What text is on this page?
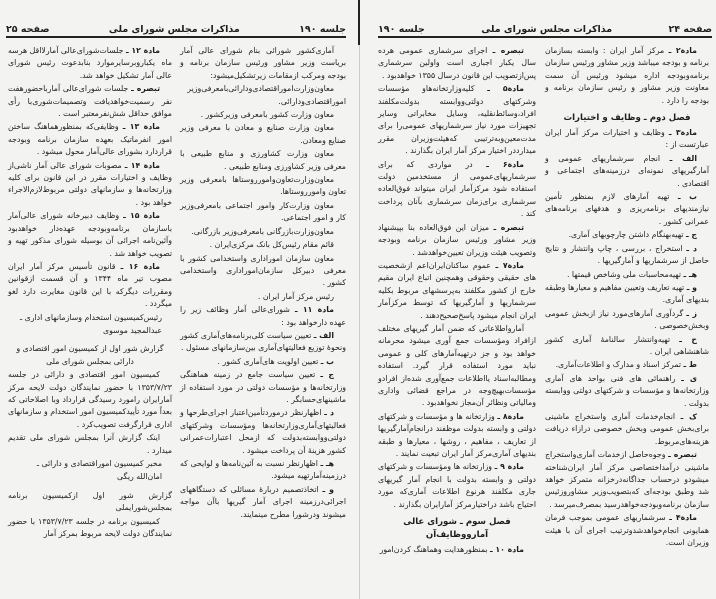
صفحه ۲۴
مذاکرات مجلس شورای ملی
جلسه ۱۹۰
جلسه ۱۹۰
مذاکرات مجلس شورای ملی
صفحه ۲۵

مادة۲ ـ مرکز آمار ایران : وابسته بسازمان برنامه و بودجه میباشد وزیر مشاور ورئیس سازمان برنامه‌وبودجه اداره میشود ورئیس آن سمت معاونت وزیر مشاور و رئیس سازمان برنامه و بودجه را دارد .

فصل دوم ـ وظایف و اختیارات

مادة۳ ـ وظایف و اختیارات مرکز آمار ایران عبارتست از :

الف ـ انجام سرشماریهای عمومی و آمارگیریهای نمونه‌ای درزمینه‌های اجتماعی و اقتصادی .

ب ـ تهیه آمارهای لازم بمنظور تأمین نیازمندیهای برنامه‌ریزی و هدفهای برنامه‌های عمرانی کشور .

ج ـ تهیه‌بهنگام داشتن چارچوبهای آماری.

د ـ استخراج ، بررسی ، چاپ وانتشار و نتایج حاصل از سرشماریها و آمارگیریها .

هـ ـ تهیه‌محاسبات ملی وشاخص قیمتها .

و ـ تهیه تعاریف وتعیین مفاهیم و معیارها وطبقه بندیهای آماری.

ز ـ گردآوری آمارهای‌مورد نیاز ازبخش عمومی وبخش‌خصوصی .

ح ـ تهیه‌وانتشار سالنامهٔ آماری کشور شاهنشاهی ایران .

ط ـ تمرکز اسناد و مدارک و اطلاعات‌آماری.

ی ـ راهنمائی های فنی بواحد های آماری وزارتخانه‌ها و مؤسسات و شرکتهای دولتی ووابسته بدولت .

ک ـ انجام‌خدمات آماری واستخراج ماشینی برای‌بخش عمومی وبخش خصوصی درازاء دریافت هزینه‌های‌مربوط.

تبصره ـ وجوه‌حاصل ازخدمات آماری‌واستخراج ماشینی درآمداختصاصی مرکز آمار ایران‌شناخته میشودو درحساب جداگانه‌درخزانه متمرکز خواهد شد وطبق بودجه‌ای که‌بتصویب‌وزیر مشاوروزئیس سازمان برنامه‌وبودجه‌خواهدرسید بمصرف‌میرسد .

مادة۴ ـ سرشماریهای عمومی بموجب فرمان همایونی انجام‌خواهدشدوترتیب اجرای آن با هیئت وزیران است.

تبصره ـ اجرای سرشماری عمومی هرده سال یکبار اجباری است واولین سرشماری پس‌ازتصویب این قانون درسال ۱۳۵۵ خواهدبود .

مادة۵ ـ کلیه‌وزارتخانه‌هاو مؤسسات وشرکتهای دولتی‌ووابسته بدولت‌مکلفند افراد،وسائط‌نقلیه، وسایل مخابراتی وسایر تجهیزات مورد نیاز سرشماریهای عمومی‌را برای مدت‌معین‌وبه‌ترتیبی که‌هیئت‌وزیران مقرر میدارد‌در اختیار مرکز آمار ایران بگذارند .

مادة۶ ـ در مواردی که برای سرشماریهای‌عمومی از مستخدمین دولت استفاده شود مرکز‌آمار ایران میتواند فوق‌العاده سرشماری برای‌زمان سرشماری بآنان پرداخت کند .

تبصره ـ میزان این فوق‌العاده بنا بپیشنهاد وزیر مشاور ورئیس سازمان برنامه وبودجه وتصویب هیئت وزیران تعیین‌خواهدشد .

مادة۷ ـ عموم ساکنان‌ایران‌اعم ازشخصیت های حقیقی وحقوقی وهمچنین اتباع ایران مقیم خارج از کشور مکلفند به‌پرسشهای مربوط بکلیه سرشماریها و آمارگیریها که توسط مرکز‌آمار ایران انجام میشود پاسخ‌صحیح‌دهند .

آمارواطلاعاتی که ضمن آمار گیریهای مختلف ازافراد ومؤسسات جمع آوری میشود محرمانه خواهد بود و جز درتهیه‌آمارهای کلی و عمومی نباید مورد استفاده قرار گیرد. استفاده ومطالبه‌اسناد یااطلاعات جمع‌آوری شده‌از افرادو مؤسسات‌بهیچ‌وجه در مراجع قضائی واداری ومالیاتی ونظائر آن‌مجاز نخواهدبود .

مادة۸ ـ وزارتخانه ها و مؤسسات و شرکتهای دولتی و وابسته بدولت موظفند درانجام‌آمارگیریها از تعاریف ، مفاهیم ، روشها ، معیارها و طبقه بندیهای آماری‌مرکز آمار ایران تبعیت نمایند .

مادة ۹ ـ وزارتخانه ها ومؤسسات و شرکتهای دولتی و وابسته بدولت با انجام آمار گیریهای جاری مکلفند هرنوع اطلاعات آماری‌که مورد احتیاج باشد دراختیارمرکز آمارایران بگذارند .

فصل سوم ـ شورای عالی آماروو‌ظایف‌آن

مادة ۱۰ ـ بمنظورهدایت وهماهنگ کردن‌امور

آماری‌کشور شورائی بنام شورای عالی آمار بریاست وزیر مشاور ورئیس سازمان برنامه و بودجه ومرکب ازمقامات زیرتشکیل‌میشود:

معاون‌وزارت‌امور‌اقتصادی‌ودارائی‌بامعرفی‌وزیر امور‌اقتصادی‌ودارائی.

معاون وزارت کشور بامعرفی وزیرکشور .

معاون وزارت صنایع و معادن با معرفی وزیر صنایع ومعادن.

معاون وزارت کشاورزی و منابع طبیعی با معرفی وزیر کشاورزی ومنابع طبیعی .

معاون‌وزارت‌تعاون‌وامورروستاها بامعرفی وزیر تعاون وامورروستاها.

معاون وزارت‌کار وامور اجتماعی بامعرفی‌وزیر کار و امور اجتماعی.

معاون‌وزارت‌بازرگانی بامعرفی‌وزیر بازرگانی.

قائم مقام رئیس‌کل بانک مرکزی‌ایران .

معاون سازمان اموراداری واستخدامی کشور با معرفی دبیرکل سازمان‌اموراداری واستخدامی کشور .

رئیس مرکز آمار ایران .

مادة ۱۱ ـ شورای‌عالی آمار وظائف زیر را عهده دارخواهد بود :

الف ـ تعیین سیاست کلی‌برنامه‌های‌آماری کشور ونحوهٔ توزیع فعالیتهای‌آماری بین‌سازمانهای مسئول .

ب ـ تعیین اولویت های‌آماری کشور .

ج ـ تعیین سیاست جامع در زمینه هماهنگی وزارتخانه‌ها و مؤسسات دولتی در مورد استفاده از ماشینهای‌حسابگر .

د ـ اظهارنظر درموردتأمین‌اعتبار اجرای‌طرحها و فعالیتهای‌آماری‌وزارتخانه‌ها ومؤسسات وشرکتهای دولتی‌ووابسته‌بدولت که ازمحل اعتبارات‌عمرانی کشور هزینهٔ آن پرداخت میشود .

هـ ـ اظهارنظر نسبت به آئین‌نامه‌ها و لوایحی که درزمینه‌آمار‌تهیه میشود.

و ـ اتخاذ‌تصمیم دربارهٔ مسائلی که دستگاههای اجرائی‌درزمینه اجرای آمار گیریها باآن مواجه میشوند ودرشورا مطرح مینمایند.

مادة ۱۲ ـ جلسات‌شورای‌عالی آمارلااقل هرسه ماه یکباروبرسایرموارد بنابدعوت رئیس شورای عالی آمار تشکیل خواهد شد.

تبصره ـ جلسات شورای‌عالی آماربا‌حضور‌هفت نفر رسمیت‌خواهدیافت وتصمیمات‌شوری‌با رأی موافق حداقل شش‌نفرمعتبر است .

مادة ۱۳ ـ وظایفی‌که بمنظورهماهنگ ساختن امور انفرماتیک بعهده سازمان برنامه وبودجه قراردارد بشورای عالی‌آمار محول میشود .

مادة ۱۴ ـ مصوبات شورای عالی آمار ناشی‌از وظایف و اختیارات مقرر در این قانون برای کلیه وزارتخانه‌ها و سازمانهای دولتی مربوط‌لازم‌الاجراء خواهد بود .

مادة ۱۵ ـ وظایف دبیرخانه شورای عالی‌آمار با‌سازمان برنامه‌وبودجه عهده‌دار خواهدبود وآئین‌نامه اجرائی آن بوسیله شورای مذکور تهیه و تصویب خواهد شد .

مادة ۱۶ ـ قانون تأسیس مرکز آمار ایران مصوب تیر ماه ۱۳۴۴ و آن قسمت ازقوانین ومقررات دیگرکه با این قانون مغایرت دارد لغو میگردد .

رئیس‌کمیسیون استخدام وسازمانهای اداری ـ

عبدالمجید موسوی

گزارش شور اول از کمیسیون امور اقتصادی و دارائی بمجلس شورای ملی

کمیسیون امور اقتصادی و دارائی در جلسه ۱۳۵۳/۷/۲۳ با حضور نمایندگان دولت لایحه مرکز آمارایران رامورد رسیدگی قرارداد وبا اصلاحاتی که بعداً مورد تأیید‌کمیسیون امور استخدام و سازمانهای اداری قرارگرفت تصویب‌کرد .

اینک گزارش آنرا بمجلس شورای ملی تقدیم میدارد .

مخبر کمیسیون امور‌اقتصادی و دارائی ـ

امان‌الله ریگی

گزارش شور اول ازکمیسیون برنامه بمجلس‌شورایملی

کمیسیون برنامه در جلسه ۱۳۵۳/۷/۲۳ با حضور نمایندگان دولت لایحه مربوط بمرکز آمار
